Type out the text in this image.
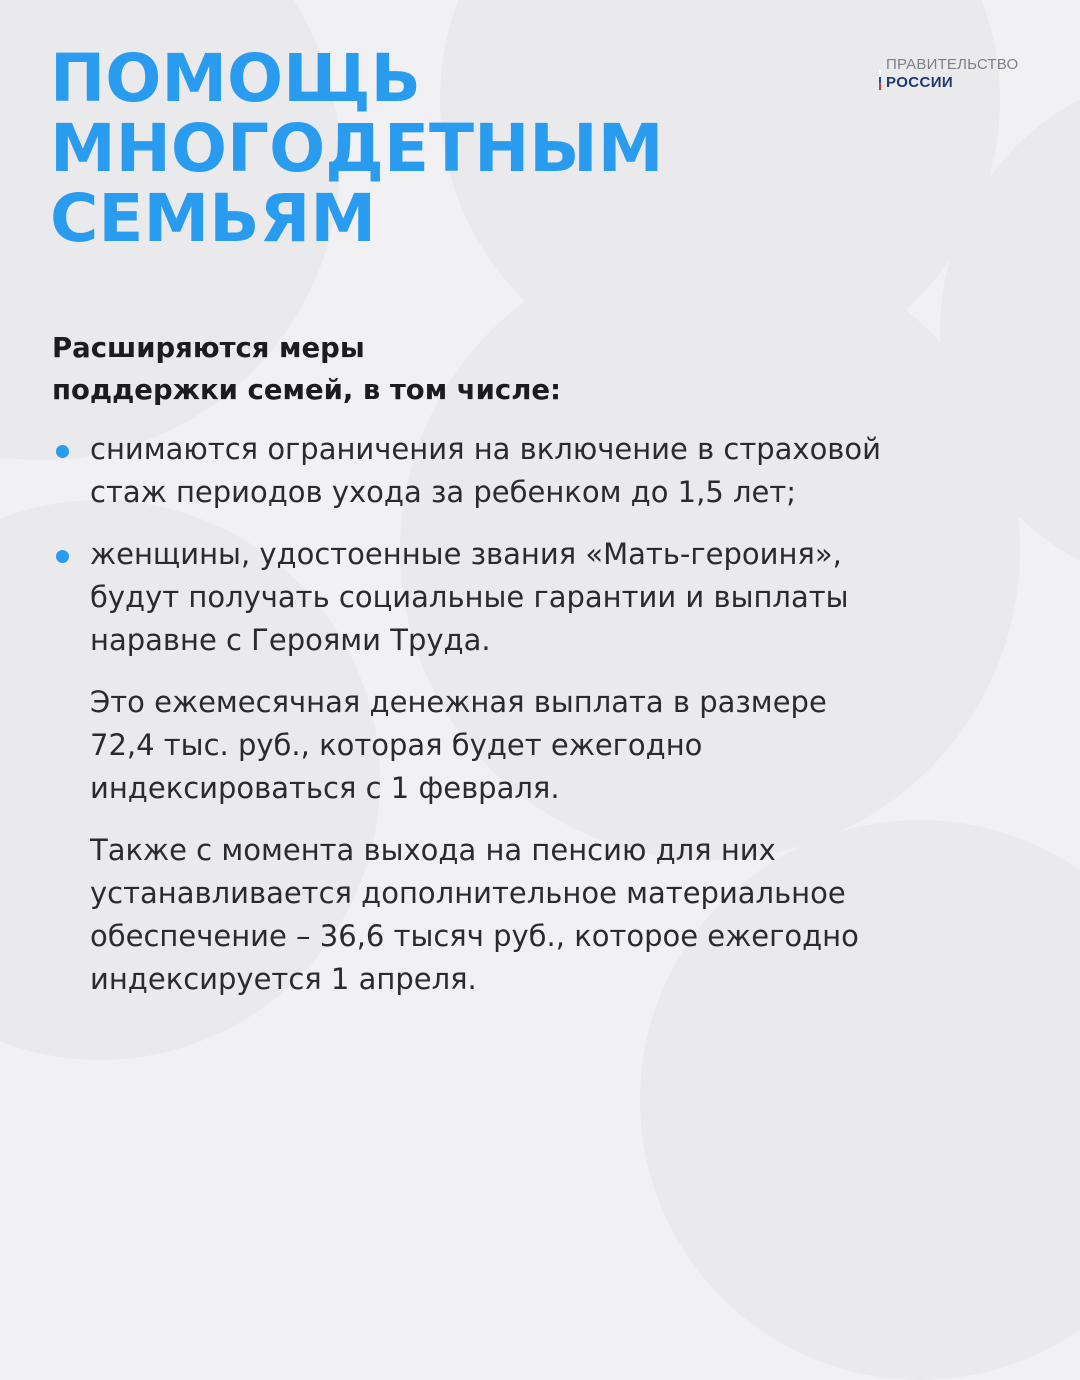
ПОМОЩЬ
МНОГОДЕТНЫМ
СЕМЬЯМ
ПРАВИТЕЛЬСТВО
РОССИИ
Расширяются меры
поддержки семей, в том числе:
снимаются ограничения на включение в страховой
стаж периодов ухода за ребенком до 1,5 лет;
женщины, удостоенные звания «Мать-героиня»,
будут получать социальные гарантии и выплаты
наравне с Героями Труда.
Это ежемесячная денежная выплата в размере
72,4 тыс. руб., которая будет ежегодно
индексироваться с 1 февраля.
Также с момента выхода на пенсию для них
устанавливается дополнительное материальное
обеспечение – 36,6 тысяч руб., которое ежегодно
индексируется 1 апреля.
